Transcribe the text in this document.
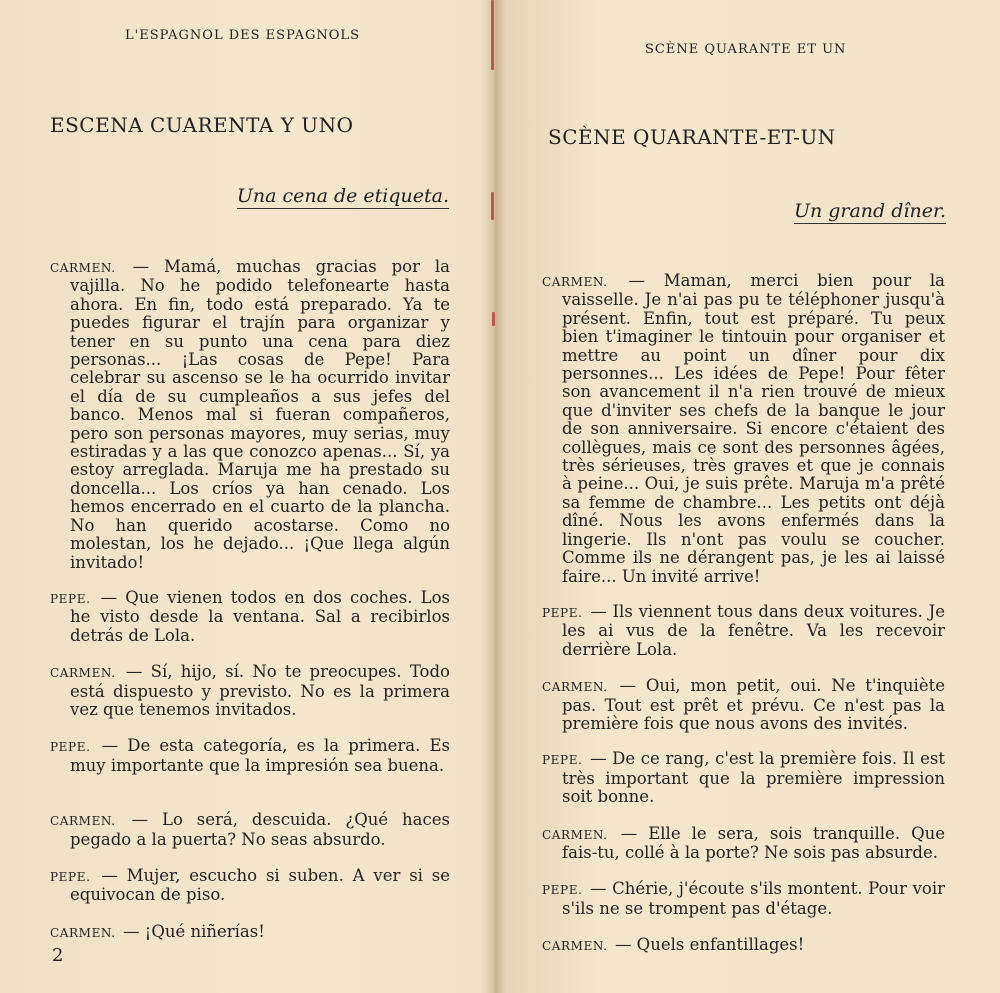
L'ESPAGNOL DES ESPAGNOLS
ESCENA CUARENTA Y UNO
Una cena de etiqueta.

CARMEN. — Mamá, muchas gracias por la vajilla. No he podido telefonearte hasta ahora. En fin, todo está preparado. Ya te puedes figurar el trajín para organizar y tener en su punto una cena para diez personas... ¡Las cosas de Pepe! Para celebrar su ascenso se le ha ocurrido invitar el día de su cumpleaños a sus jefes del banco. Menos mal si fueran compañeros, pero son personas mayores, muy serias, muy estiradas y a las que conozco apenas... Sí, ya estoy arreglada. Maruja me ha prestado su doncella... Los críos ya han cenado. Los hemos encerrado en el cuarto de la plancha. No han querido acostarse. Como no molestan, los he dejado... ¡Que llega algún invitado!

PEPE. — Que vienen todos en dos coches. Los he visto desde la ventana. Sal a recibirlos detrás de Lola.

CARMEN. — Sí, hijo, sí. No te preocupes. Todo está dispuesto y previsto. No es la primera vez que tenemos invitados.

PEPE. — De esta categoría, es la primera. Es muy importante que la impresión sea buena.

CARMEN. — Lo será, descuida. ¿Qué haces pegado a la puerta? No seas absurdo.

PEPE. — Mujer, escucho si suben. A ver si se equivocan de piso.

CARMEN. — ¡Qué niñerías!

2
SCÈNE QUARANTE ET UN
SCÈNE QUARANTE-ET-UN
Un grand dîner.

CARMEN. — Maman, merci bien pour la vaisselle. Je n'ai pas pu te téléphoner jusqu'à présent. Enfin, tout est préparé. Tu peux bien t'imaginer le tintouin pour organiser et mettre au point un dîner pour dix personnes... Les idées de Pepe! Pour fêter son avancement il n'a rien trouvé de mieux que d'inviter ses chefs de la banque le jour de son anniversaire. Si encore c'étaient des collègues, mais ce sont des personnes âgées, très sérieuses, très graves et que je connais à peine... Oui, je suis prête. Maruja m'a prêté sa femme de chambre... Les petits ont déjà dîné. Nous les avons enfermés dans la lingerie. Ils n'ont pas voulu se coucher. Comme ils ne dérangent pas, je les ai laissé faire... Un invité arrive!

PEPE. — Ils viennent tous dans deux voitures. Je les ai vus de la fenêtre. Va les recevoir derrière Lola.

CARMEN. — Oui, mon petit, oui. Ne t'inquiète pas. Tout est prêt et prévu. Ce n'est pas la première fois que nous avons des invités.

PEPE. — De ce rang, c'est la première fois. Il est très important que la première impression soit bonne.

CARMEN. — Elle le sera, sois tranquille. Que fais-tu, collé à la porte? Ne sois pas absurde.

PEPE. — Chérie, j'écoute s'ils montent. Pour voir s'ils ne se trompent pas d'étage.

CARMEN. — Quels enfantillages!
